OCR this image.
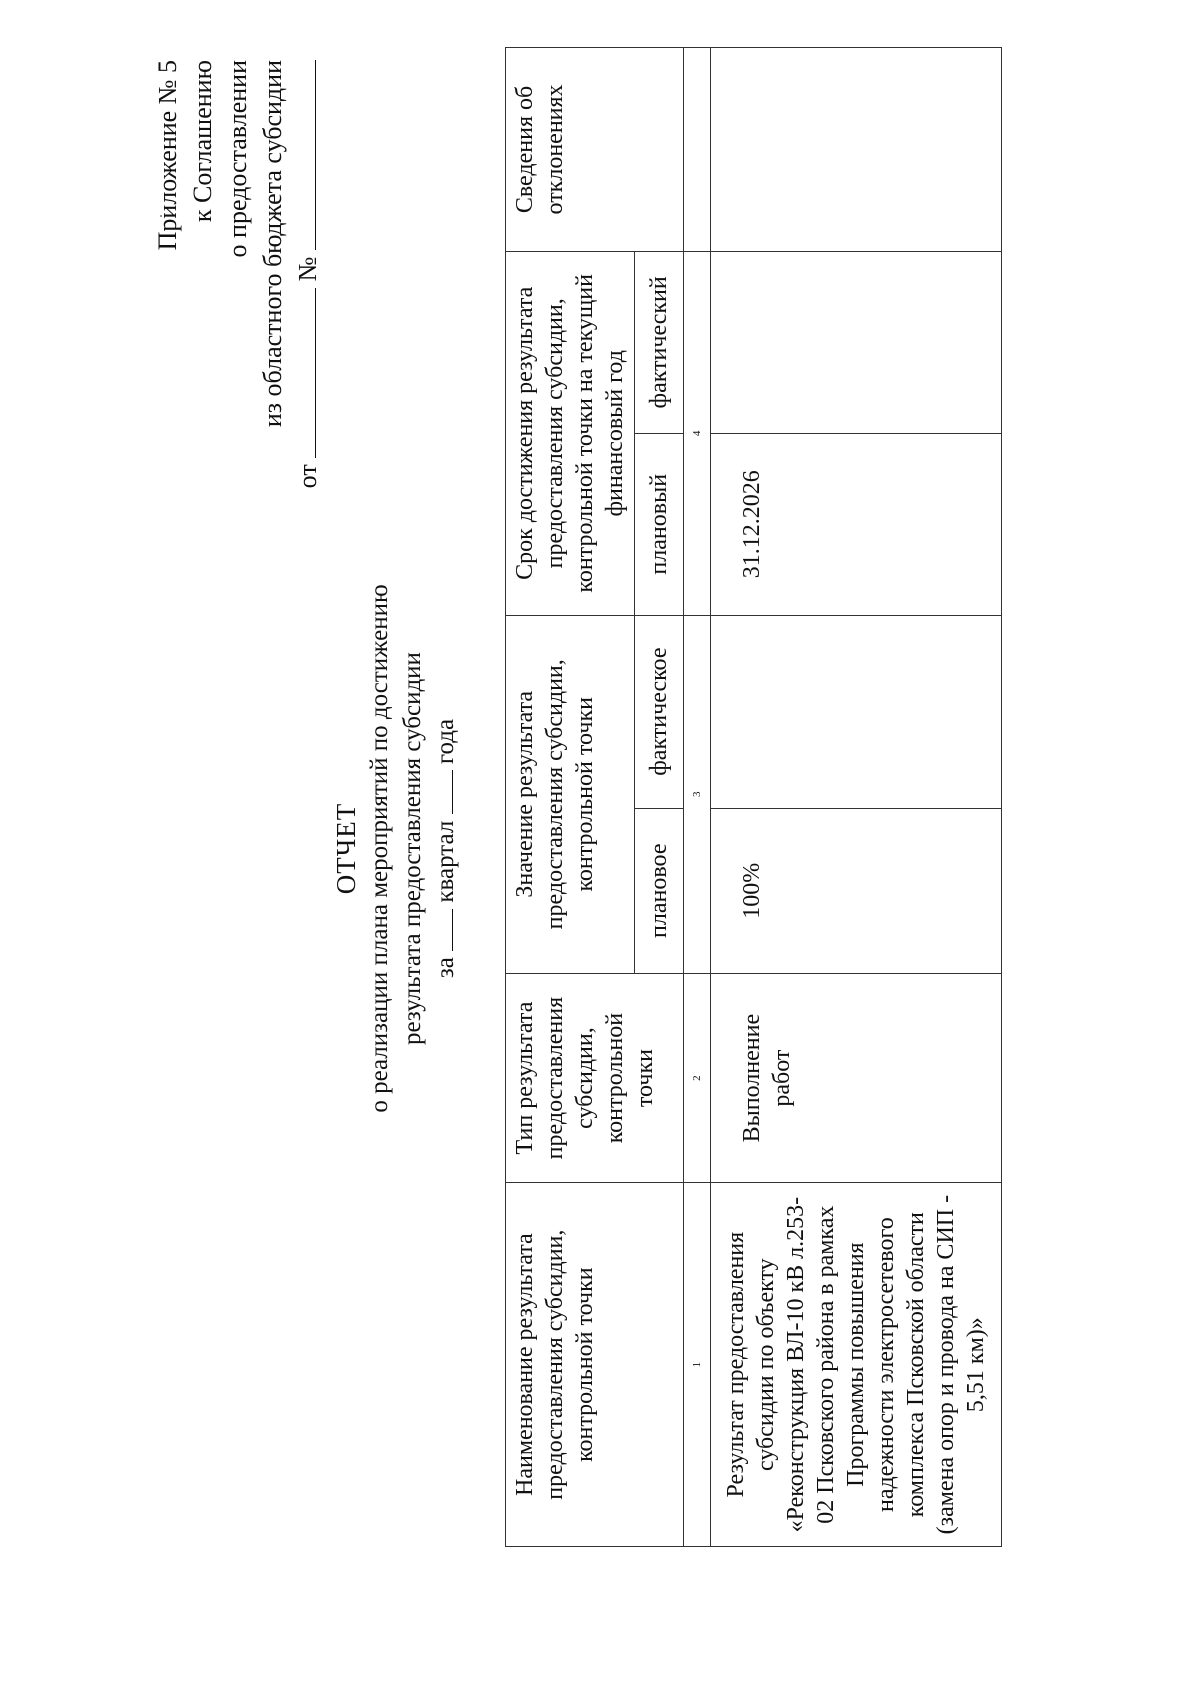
Приложение № 5 к Соглашению о предоставлении из областного бюджета субсидии
от  №
ОТЧЕТ о реализации плана мероприятий по достижению результата предоставления субсидии за  квартал  года
Наименование результата предоставления субсидии, контрольной точки	Тип результата предоставления субсидии, контрольной точки	Значение результата предоставления субсидии, контрольной точки		Срок достижения результата предоставления субсидии, контрольной точки на текущий финансовый год		Сведения об отклонениях
		плановое	фактическое	плановый	фактический	
1	2	3		4		
Результат предоставления субсидии по объекту «Реконструкция ВЛ-10 кВ л.253-02 Псковского района в рамках Программы повышения надежности электросетевого комплекса Псковской области (замена опор и провода на СИП - 5,51 км)»	Выполнение работ	100%		31.12.2026		
